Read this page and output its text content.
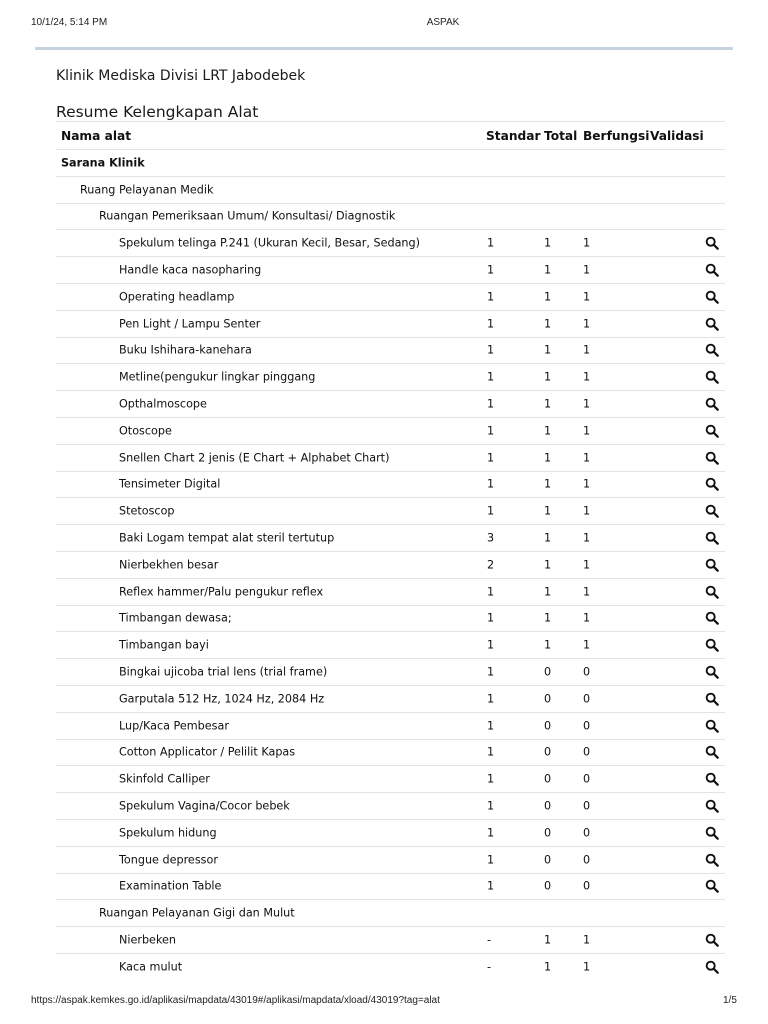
10/1/24, 5:14 PM	ASPAK
Klinik Mediska Divisi LRT Jabodebek
Resume Kelengkapan Alat
Nama alat	Standar Total Berfungsi Validasi
Sarana Klinik
Ruang Pelayanan Medik
Ruangan Pemeriksaan Umum/ Konsultasi/ Diagnostik
Spekulum telinga P.241 (Ukuran Kecil, Besar, Sedang)	1	1	1
Handle kaca nasopharing	1	1	1
Operating headlamp	1	1	1
Pen Light / Lampu Senter	1	1	1
Buku Ishihara-kanehara	1	1	1
Metline(pengukur lingkar pinggang	1	1	1
Opthalmoscope	1	1	1
Otoscope	1	1	1
Snellen Chart 2 jenis (E Chart + Alphabet Chart)	1	1	1
Tensimeter Digital	1	1	1
Stetoscop	1	1	1
Baki Logam tempat alat steril tertutup	3	1	1
Nierbekhen besar	2	1	1
Reflex hammer/Palu pengukur reflex	1	1	1
Timbangan dewasa;	1	1	1
Timbangan bayi	1	1	1
Bingkai ujicoba trial lens (trial frame)	1	0	0
Garputala 512 Hz, 1024 Hz, 2084 Hz	1	0	0
Lup/Kaca Pembesar	1	0	0
Cotton Applicator / Pelilit Kapas	1	0	0
Skinfold Calliper	1	0	0
Spekulum Vagina/Cocor bebek	1	0	0
Spekulum hidung	1	0	0
Tongue depressor	1	0	0
Examination Table	1	0	0
Ruangan Pelayanan Gigi dan Mulut
Nierbeken	-	1	1
Kaca mulut	-	1	1
https://aspak.kemkes.go.id/aplikasi/mapdata/43019#/aplikasi/mapdata/xload/43019?tag=alat	1/5
